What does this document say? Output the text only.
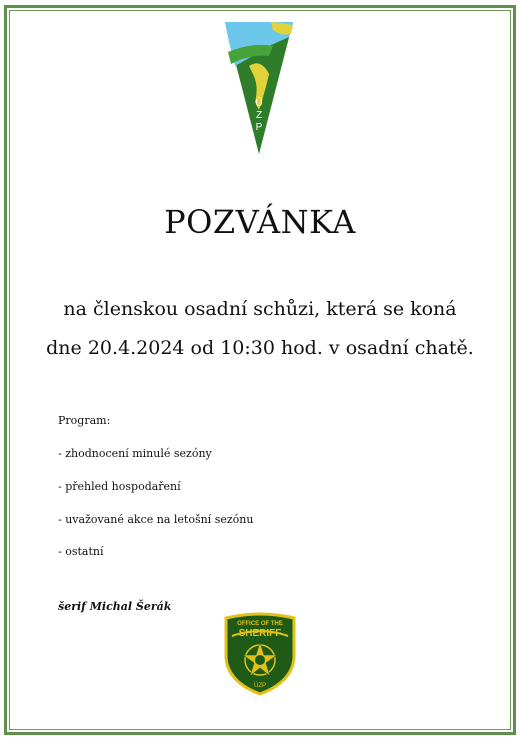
Ú
Z
P
POZVÁNKA
na členskou osadní schůzi, která se koná
dne 20.4.2024 od 10:30 hod. v osadní chatě.
Program:
- zhodnocení minulé sezóny
- přehled hospodaření
- uvažované akce na letošní sezónu
- ostatní
šerif Michal Šerák
OFFICE OF THE
SHERIFF
ÚZP
